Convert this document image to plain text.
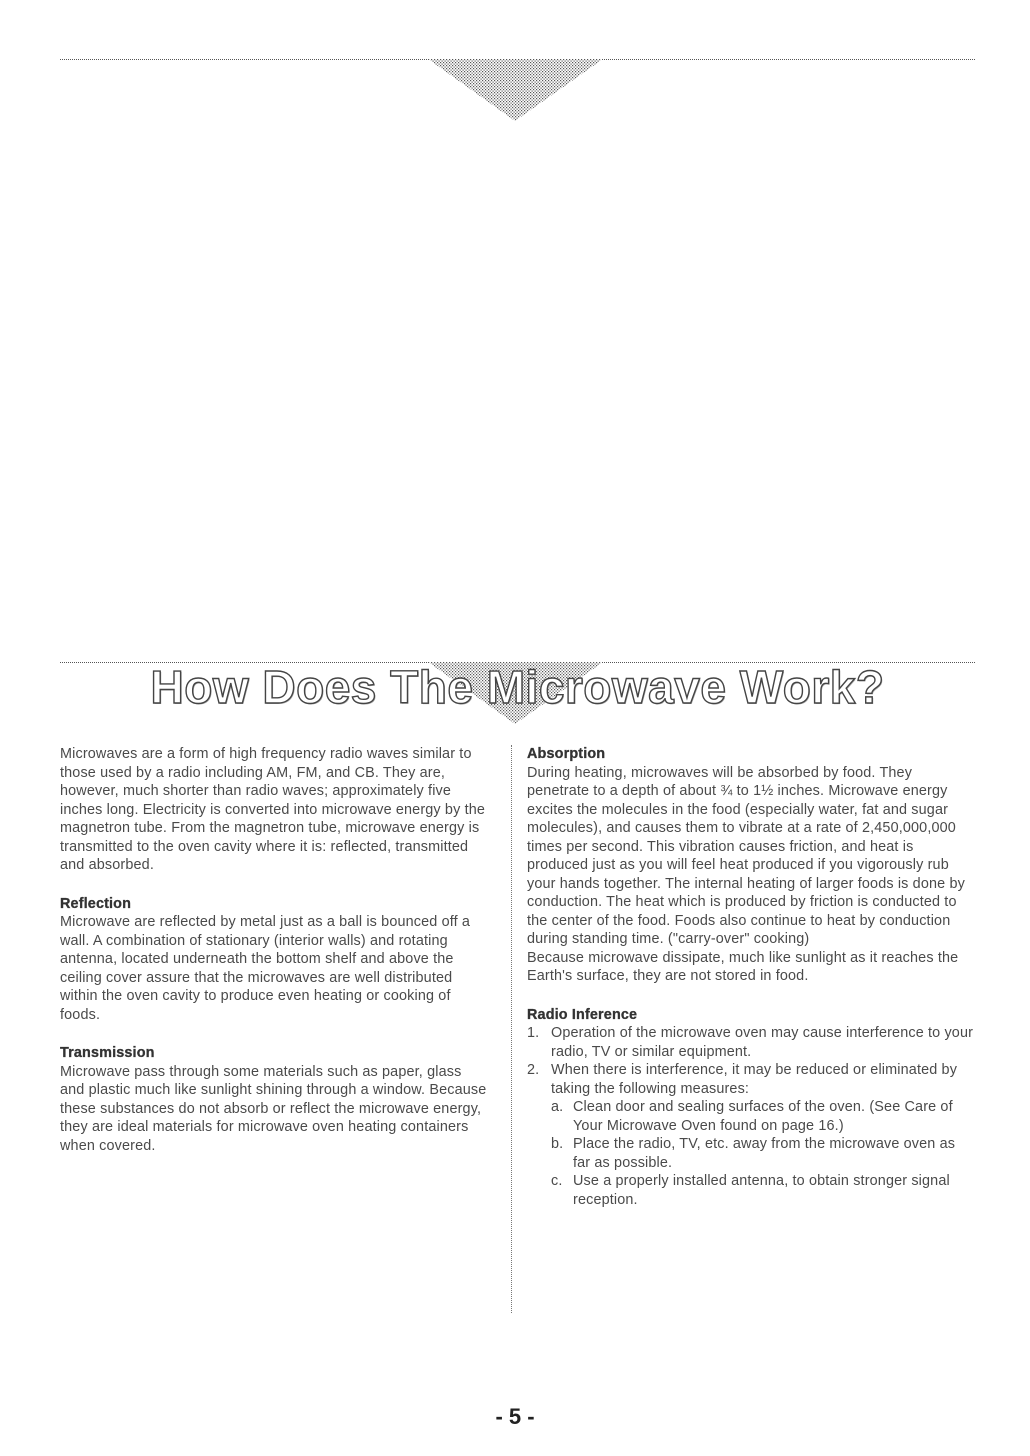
How Does The Microwave Work?

Microwaves are a form of high frequency radio waves similar to those used by a radio including AM, FM, and CB. They are, however, much shorter than radio waves; approximately five inches long. Electricity is converted into microwave energy by the magnetron tube. From the magnetron tube, microwave energy is transmitted to the oven cavity where it is: reflected, transmitted and absorbed.

Reflection

Microwave are reflected by metal just as a ball is bounced off a wall. A combination of stationary (interior walls) and rotating antenna, located underneath the bottom shelf and above the ceiling cover assure that the microwaves are well distributed within the oven cavity to produce even heating or cooking of foods.

Transmission

Microwave pass through some materials such as paper, glass and plastic much like sunlight shining through a window. Because these substances do not absorb or reflect the microwave energy, they are ideal materials for microwave oven heating containers when covered.

Absorption

During heating, microwaves will be absorbed by food. They penetrate to a depth of about ¾ to 1½ inches. Microwave energy excites the molecules in the food (especially water, fat and sugar molecules), and causes them to vibrate at a rate of 2,450,000,000 times per second. This vibration causes friction, and heat is produced just as you will feel heat produced if you vigorously rub your hands together. The internal heating of larger foods is done by conduction. The heat which is produced by friction is conducted to the center of the food. Foods also continue to heat by conduction during standing time. ("carry-over" cooking)

Because microwave dissipate, much like sunlight as it reaches the Earth's surface, they are not stored in food.

Radio Inference
1. Operation of the microwave oven may cause interference to your radio, TV or similar equipment.
2. When there is interference, it may be reduced or eliminated by taking the following measures:
a. Clean door and sealing surfaces of the oven. (See Care of Your Microwave Oven found on page 16.)
b. Place the radio, TV, etc. away from the microwave oven as far as possible.
c. Use a properly installed antenna, to obtain stronger signal reception.
- 5 -
